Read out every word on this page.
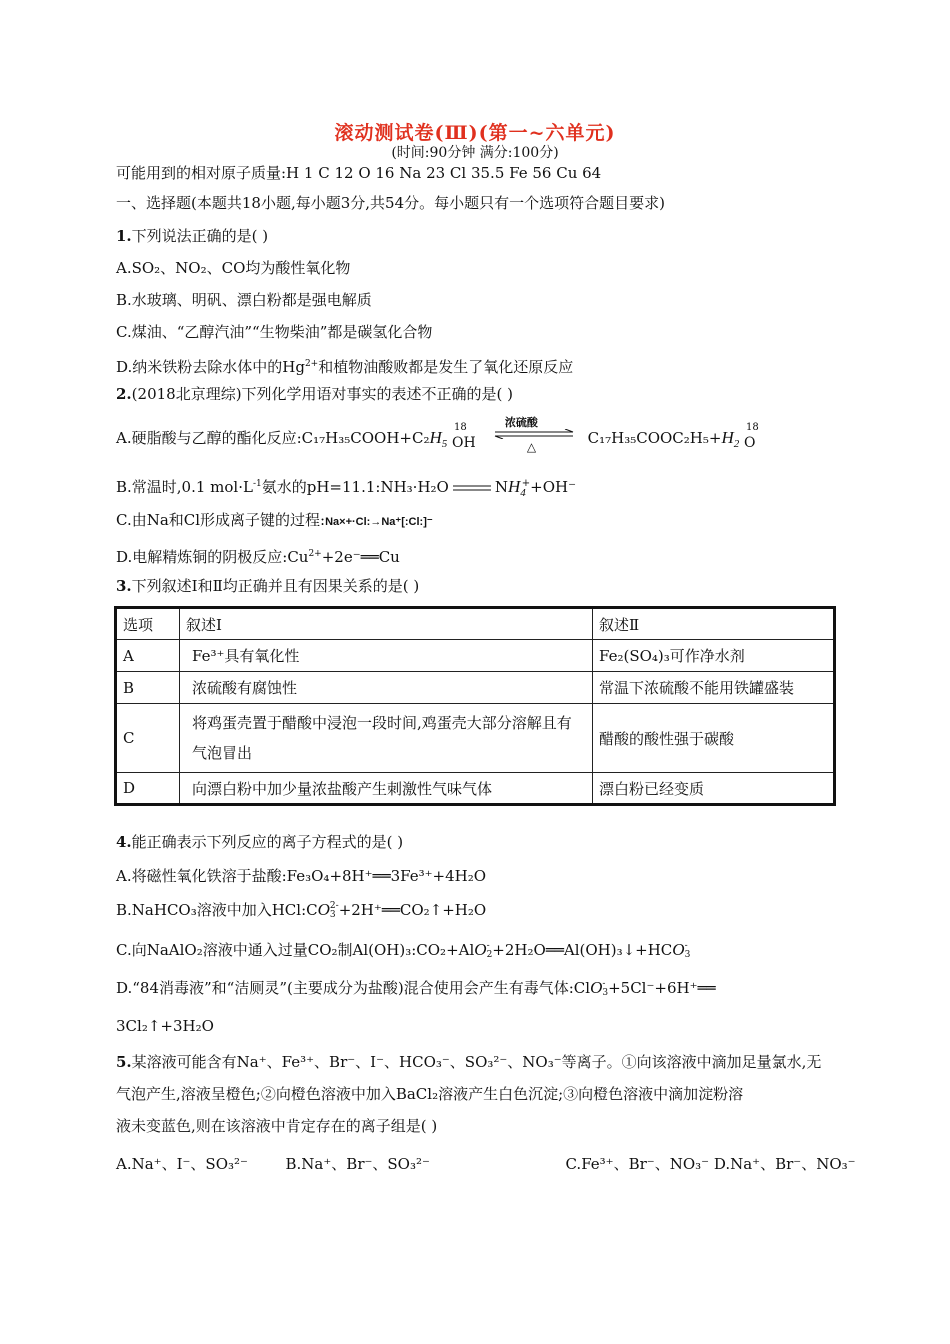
滚动测试卷(Ⅲ)(第一~六单元)
(时间:90分钟 满分:100分)
可能用到的相对原子质量:H 1 C 12 O 16 Na 23 Cl 35.5 Fe 56 Cu 64
一、选择题(本题共18小题,每小题3分,共54分。每小题只有一个选项符合题目要求)
1.下列说法正确的是( )
A.SO₂、NO₂、CO均为酸性氧化物
B.水玻璃、明矾、漂白粉都是强电解质
C.煤油、“乙醇汽油”“生物柴油”都是碳氢化合物
D.纳米铁粉去除水体中的$Hg^{2+}$和植物油酸败都是发生了氧化还原反应
2.(2018北京理综)下列化学用语对事实的表述不正确的是( )
A.硬脂酸与乙醇的酯化反应$:C_{17}H_{35}COOH+C_2H_5$
18
OH
浓硫酸
△	$C_{17}H_{35}COOC_2H_5+H_2$
18
O
B.常温时,0.1 $mol\cdot L^{-1}$氨水的pH=11.1:NH₃·H₂O	$NH_4^++OH^-$
C.由Na和Cl形成离子键的过程:Na×+·Cl:→Na⁺[:Cl:]⁻
D.电解精炼铜的阴极反应$:Cu^{2+}+2e^-══Cu$
3.下列叙述Ⅰ和Ⅱ均正确并且有因果关系的是( )
选项	叙述Ⅰ	叙述Ⅱ
A	Fe³⁺具有氧化性	Fe₂(SO₄)₃可作净水剂
B	浓硫酸有腐蚀性	常温下浓硫酸不能用铁罐盛装
C	将鸡蛋壳置于醋酸中浸泡一段时间,鸡蛋壳大部分溶解且有气泡冒出	醋酸的酸性强于碳酸
D	向漂白粉中加少量浓盐酸产生刺激性气味气体	漂白粉已经变质
4.能正确表示下列反应的离子方程式的是( )
A.将磁性氧化铁溶于盐酸:Fe₃O₄+8H⁺══3Fe³⁺+4H₂O
B.NaHCO₃溶液中加入HCl:CO 2-
3 +2H⁺══CO₂↑+H₂O
C.向NaAlO₂溶液中通入过量CO₂制Al(OH)₃:CO₂+AlO -
2 +2H₂O══Al(OH)₃↓+HCO -
3
D.“84消毒液”和“洁厕灵”(主要成分为盐酸)混合使用会产生有毒气体:ClO -
3 +5Cl⁻+6H⁺══
3Cl₂↑+3H₂O
5.某溶液可能含有Na⁺、Fe³⁺、Br⁻、I⁻、HCO₃⁻、SO₃²⁻、NO₃⁻等离子。①向该溶液中滴加足量氯水,无
气泡产生,溶液呈橙色;②向橙色溶液中加入BaCl₂溶液产生白色沉淀;③向橙色溶液中滴加淀粉溶
液未变蓝色,则在该溶液中肯定存在的离子组是( )
A.Na⁺、I⁻、SO₃²⁻	B.Na⁺、Br⁻、SO₃²⁻	C.Fe³⁺、Br⁻、NO₃⁻ D.Na⁺、Br⁻、NO₃⁻
